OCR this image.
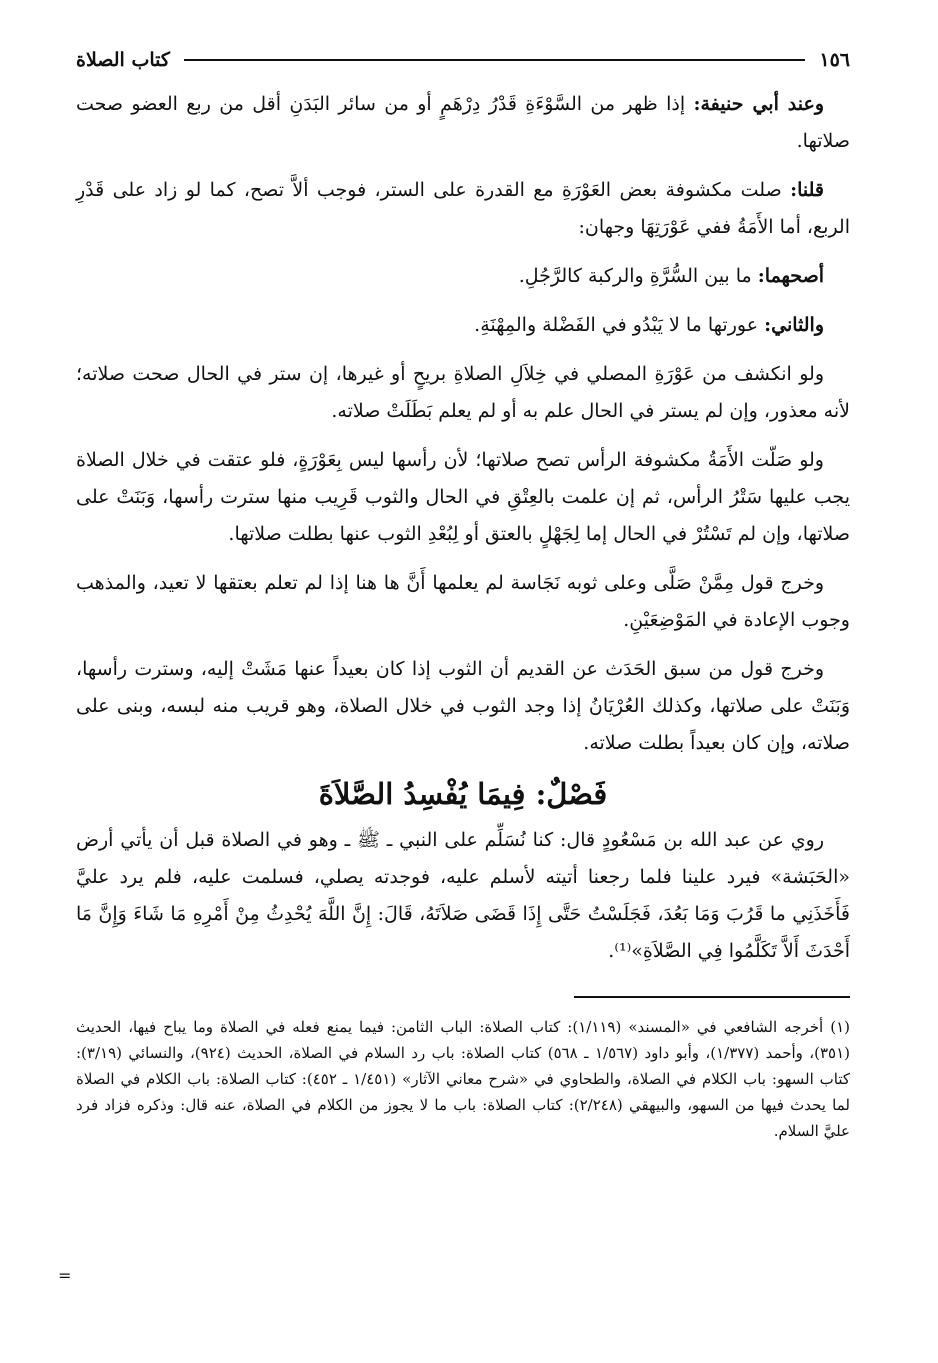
١٥٦
كتاب الصلاة

وعند أبي حنيفة: إذا ظهر من السَّوْءَةِ قَدْرُ دِرْهَمٍ أو من سائر البَدَنِ أقل من ربع العضو صحت صلاتها.

قلنا: صلت مكشوفة بعض العَوْرَةِ مع القدرة على الستر، فوجب ألاَّ تصح، كما لو زاد على قَدْرِ الربع، أما الأَمَةُ ففي عَوْرَتِهَا وجهان:

أصحهما: ما بين السُّرَّةِ والركبة كالرَّجُلِ.

والثاني: عورتها ما لا يَبْدُو في الفَضْلة والمِهْنَةِ.

ولو انكشف من عَوْرَةِ المصلي في خِلاَلِ الصلاةِ بريحٍ أو غيرها، إن ستر في الحال صحت صلاته؛ لأنه معذور، وإن لم يستر في الحال علم به أو لم يعلم بَطَلَتْ صلاته.

ولو صَلّت الأَمَةُ مكشوفة الرأس تصح صلاتها؛ لأن رأسها ليس بِعَوْرَةٍ، فلو عتقت في خلال الصلاة يجب عليها سَتْرُ الرأس، ثم إن علمت بالعِتْقِ في الحال والثوب قَرِيب منها سترت رأسها، وَبَنَتْ على صلاتها، وإن لم تَسْتُرْ في الحال إما لِجَهْلٍ بالعتق أو لِبُعْدِ الثوب عنها بطلت صلاتها.

وخرج قول مِمَّنْ صَلَّى وعلى ثوبه نَجَاسة لم يعلمها أَنَّ ها هنا إذا لم تعلم بعتقها لا تعيد، والمذهب وجوب الإعادة في المَوْضِعَيْنِ.

وخرج قول من سبق الحَدَث عن القديم أن الثوب إذا كان بعيداً عنها مَشَتْ إليه، وسترت رأسها، وَبَنَتْ على صلاتها، وكذلك العُرْيَانُ إذا وجد الثوب في خلال الصلاة، وهو قريب منه لبسه، وبنى على صلاته، وإن كان بعيداً بطلت صلاته.

فَصْلٌ: فِيمَا يُفْسِدُ الصَّلاَةَ

روي عن عبد الله بن مَسْعُودٍ قال: كنا نُسَلِّم على النبي ـ ﷺ ـ وهو في الصلاة قبل أن يأتي أرض «الحَبَشة» فيرد علينا فلما رجعنا أتيته لأسلم عليه، فوجدته يصلي، فسلمت عليه، فلم يرد عليَّ فَأَخَذَنِي ما قَرُبَ وَمَا بَعُدَ، فَجَلَسْتُ حَتَّى إِذَا قَضَى صَلاَتَهُ، قَالَ: إِنَّ اللَّهَ يُحْدِثُ مِنْ أَمْرِهِ مَا شَاءَ وَإِنَّ مَا أَحْدَثَ أَلاَّ تَكَلَّمُوا فِي الصَّلاَةِ»⁽¹⁾.

(١) أخرجه الشافعي في «المسند» (١/١١٩): كتاب الصلاة: الباب الثامن: فيما يمنع فعله في الصلاة وما يباح فيها، الحديث (٣٥١)، وأحمد (١/٣٧٧)، وأبو داود (١/٥٦٧ ـ ٥٦٨) كتاب الصلاة: باب رد السلام في الصلاة، الحديث (٩٢٤)، والنسائي (٣/١٩): كتاب السهو: باب الكلام في الصلاة، والطحاوي في «شرح معاني الآثار» (١/٤٥١ ـ ٤٥٢): كتاب الصلاة: باب الكلام في الصلاة لما يحدث فيها من السهو، والبيهقي (٢/٢٤٨): كتاب الصلاة: باب ما لا يجوز من الكلام في الصلاة، عنه قال: وذكره فزاد فرد عليَّ السلام.

=
